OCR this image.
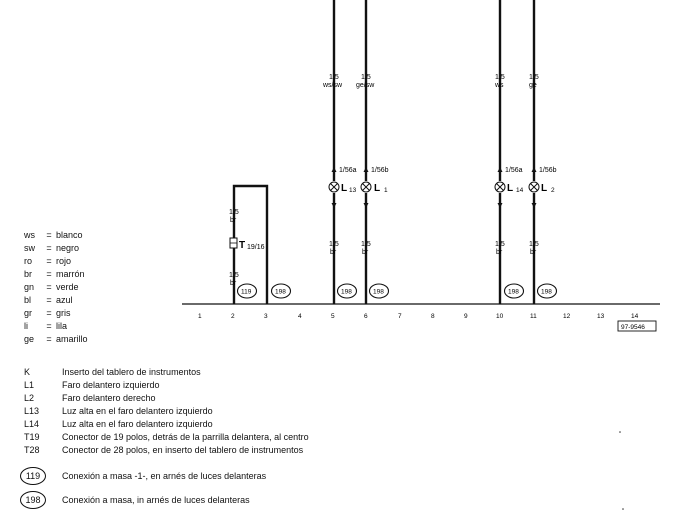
1,5
ws/sw
1,5
ge/sw
1,5
ws
1,5
ge
1/56a 1/56b	1/56a 1/56b
L 13 L 1	L 14 L 2
1,5
br
1,5
br
1,5
br
1,5
br
1,5
br
T 19/16
1,5
br
119	198	198	198	198	198
1	2	3	4	5	6	7	8	9	10	11	12	13	14
97-9546
ws	= blanco
sw	= negro
ro	= rojo
br	= marrón
gn	= verde
bl	= azul
gr	= gris
li	= lila
ge	= amarillo
K	Inserto del tablero de instrumentos
L1	Faro delantero izquierdo
L2	Faro delantero derecho
L13	Luz alta en el faro delantero izquierdo
L14	Luz alta en el faro delantero izquierdo
T19	Conector de 19 polos, detrás de la parrilla delantera, al centro
T28	Conector de 28 polos, en inserto del tablero de instrumentos
119	Conexión a masa -1-, en arnés de luces delanteras
198	Conexión a masa, in arnés de luces delanteras
